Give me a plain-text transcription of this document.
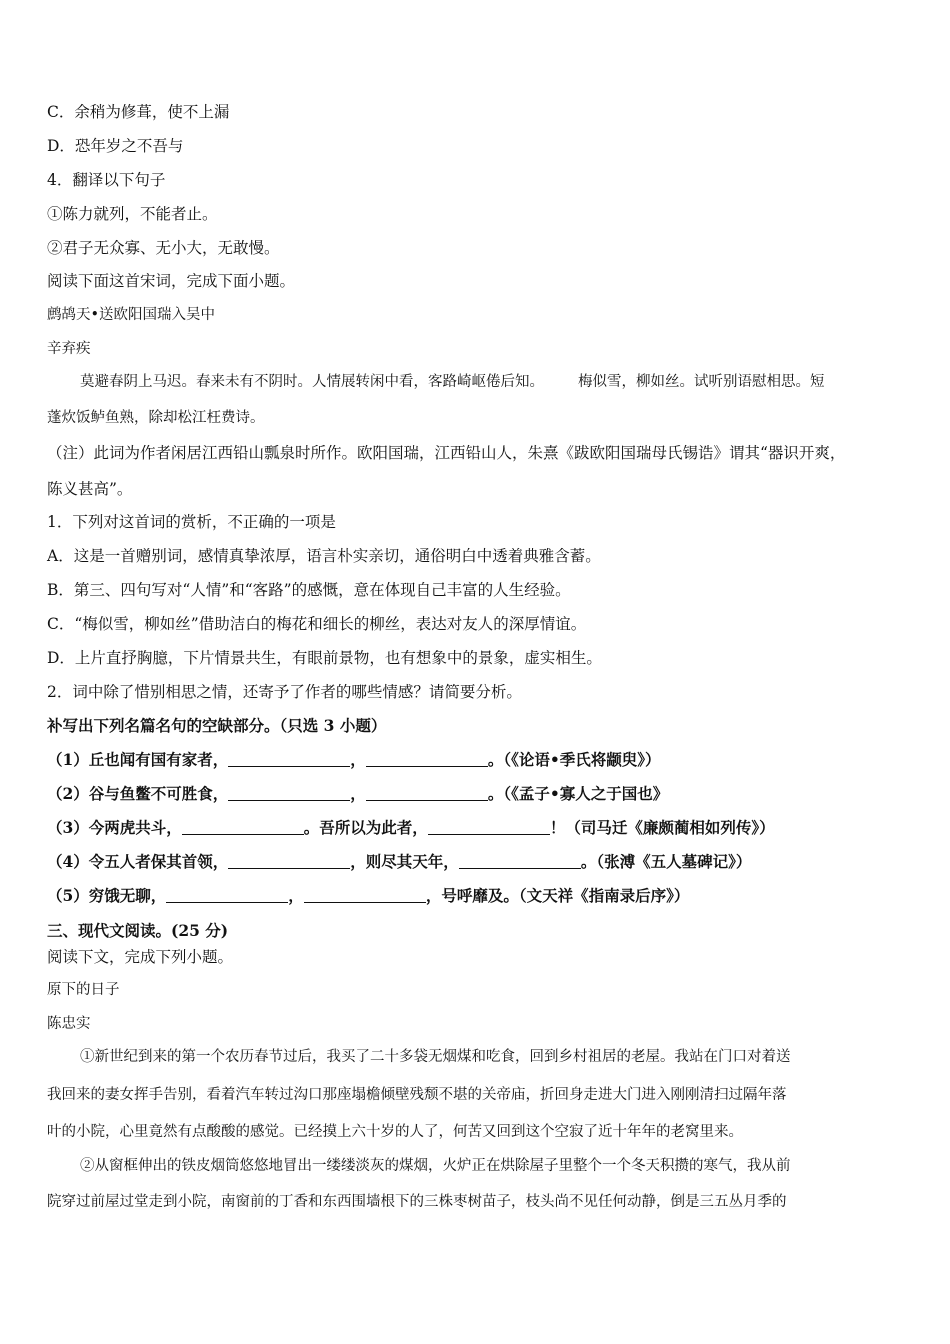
C．余稍为修葺，使不上漏
D．恐年岁之不吾与
4．翻译以下句子
①陈力就列，不能者止。
②君子无众寡、无小大，无敢慢。
阅读下面这首宋词，完成下面小题。
鹧鸪天•送欧阳国瑞入吴中
辛弃疾
莫避春阴上马迟。春来未有不阴时。人情展转闲中看，客路崎岖倦后知。 梅似雪，柳如丝。试听别语慰相思。短
蓬炊饭鲈鱼熟，除却松江枉费诗。
（注）此词为作者闲居江西铅山瓢泉时所作。欧阳国瑞，江西铅山人，朱熹《跋欧阳国瑞母氏锡诰》谓其“器识开爽，
陈义甚高”。
1．下列对这首词的赏析，不正确的一项是
A．这是一首赠别词，感情真挚浓厚，语言朴实亲切，通俗明白中透着典雅含蓄。
B．第三、四句写对“人情”和“客路”的感慨，意在体现自己丰富的人生经验。
C．“梅似雪，柳如丝”借助洁白的梅花和细长的柳丝，表达对友人的深厚情谊。
D．上片直抒胸臆，下片情景共生，有眼前景物，也有想象中的景象，虚实相生。
2．词中除了惜别相思之情，还寄予了作者的哪些情感？请简要分析。
补写出下列名篇名句的空缺部分。（只选 3 小题）
（1）丘也闻有国有家者，	，	。（《论语•季氏将颛臾》）
（2）谷与鱼鳖不可胜食，	，	。（《孟子•寡人之于国也》
（3）今两虎共斗，	。吾所以为此者，	！（司马迁《廉颇蔺相如列传》）
（4）令五人者保其首领，	，则尽其天年，	。（张溥《五人墓碑记》）
（5）穷饿无聊，	，	，号呼靡及。（文天祥《指南录后序》）
三、现代文阅读。(25 分)
阅读下文，完成下列小题。
原下的日子
陈忠实
①新世纪到来的第一个农历春节过后，我买了二十多袋无烟煤和吃食，回到乡村祖居的老屋。我站在门口对着送
我回来的妻女挥手告别，看着汽车转过沟口那座塌檐倾壁残颓不堪的关帝庙，折回身走进大门进入刚刚清扫过隔年落
叶的小院，心里竟然有点酸酸的感觉。已经摸上六十岁的人了，何苦又回到这个空寂了近十年年的老窝里来。
②从窗框伸出的铁皮烟筒悠悠地冒出一缕缕淡灰的煤烟，火炉正在烘除屋子里整个一个冬天积攒的寒气，我从前
院穿过前屋过堂走到小院，南窗前的丁香和东西围墙根下的三株枣树苗子，枝头尚不见任何动静，倒是三五丛月季的
